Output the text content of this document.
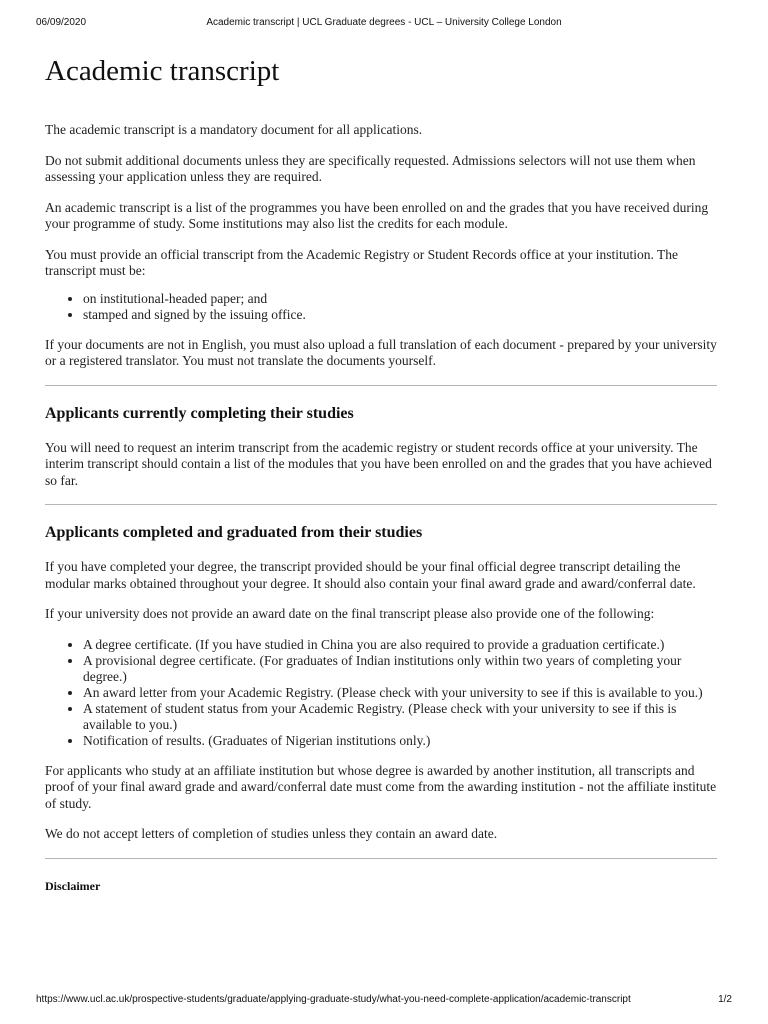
06/09/2020	Academic transcript | UCL Graduate degrees - UCL – University College London
Academic transcript

The academic transcript is a mandatory document for all applications.

Do not submit additional documents unless they are specifically requested. Admissions selectors will not use them when assessing your application unless they are required.

An academic transcript is a list of the programmes you have been enrolled on and the grades that you have received during your programme of study. Some institutions may also list the credits for each module.

You must provide an official transcript from the Academic Registry or Student Records office at your institution. The transcript must be:

• on institutional-headed paper; and
• stamped and signed by the issuing office.

If your documents are not in English, you must also upload a full translation of each document - prepared by your university or a registered translator. You must not translate the documents yourself.

Applicants currently completing their studies

You will need to request an interim transcript from the academic registry or student records office at your university. The interim transcript should contain a list of the modules that you have been enrolled on and the grades that you have achieved so far.

Applicants completed and graduated from their studies

If you have completed your degree, the transcript provided should be your final official degree transcript detailing the modular marks obtained throughout your degree. It should also contain your final award grade and award/conferral date.

If your university does not provide an award date on the final transcript please also provide one of the following:

• A degree certificate. (If you have studied in China you are also required to provide a graduation certificate.)
• A provisional degree certificate. (For graduates of Indian institutions only within two years of completing your degree.)
• An award letter from your Academic Registry. (Please check with your university to see if this is available to you.)
• A statement of student status from your Academic Registry. (Please check with your university to see if this is available to you.)
• Notification of results. (Graduates of Nigerian institutions only.)

For applicants who study at an affiliate institution but whose degree is awarded by another institution, all transcripts and proof of your final award grade and award/conferral date must come from the awarding institution - not the affiliate institute of study.

We do not accept letters of completion of studies unless they contain an award date.

Disclaimer
https://www.ucl.ac.uk/prospective-students/graduate/applying-graduate-study/what-you-need-complete-application/academic-transcript	1/2
